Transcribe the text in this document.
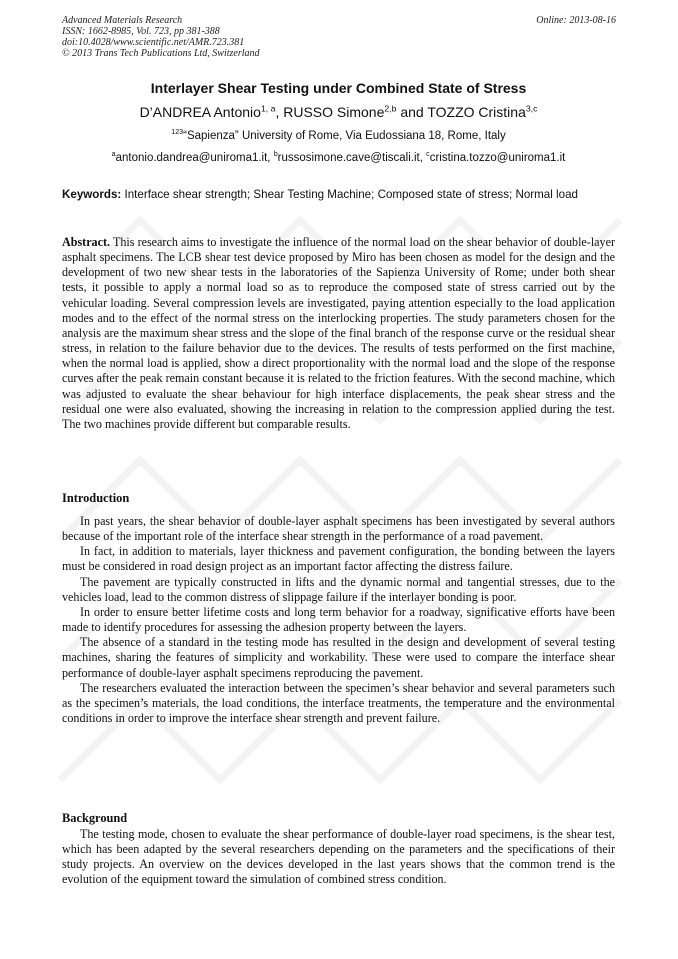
Advanced Materials Research
ISSN: 1662-8985, Vol. 723, pp 381-388
doi:10.4028/www.scientific.net/AMR.723.381
© 2013 Trans Tech Publications Ltd, Switzerland
Online: 2013-08-16
Interlayer Shear Testing under Combined State of Stress
D’ANDREA Antonio$^{1, a}$, RUSSO Simone$^{2,b}$ and TOZZO Cristina$^{3,c}$
$^{123}$“Sapienza” University of Rome, Via Eudossiana 18, Rome, Italy
$^a$antonio.dandrea@uniroma1.it, $^b$russosimone.cave@tiscali.it, $^c$cristina.tozzo@uniroma1.it
Keywords: Interface shear strength; Shear Testing Machine; Composed state of stress; Normal load
Abstract. This research aims to investigate the influence of the normal load on the shear behavior of double-layer asphalt specimens. The LCB shear test device proposed by Miro has been chosen as model for the design and the development of two new shear tests in the laboratories of the Sapienza University of Rome; under both shear tests, it possible to apply a normal load so as to reproduce the composed state of stress carried out by the vehicular loading. Several compression levels are investigated, paying attention especially to the load application modes and to the effect of the normal stress on the interlocking properties. The study parameters chosen for the analysis are the maximum shear stress and the slope of the final branch of the response curve or the residual shear stress, in relation to the failure behavior due to the devices. The results of tests performed on the first machine, when the normal load is applied, show a direct proportionality with the normal load and the slope of the response curves after the peak remain constant because it is related to the friction features. With the second machine, which was adjusted to evaluate the shear behaviour for high interface displacements, the peak shear stress and the residual one were also evaluated, showing the increasing in relation to the compression applied during the test. The two machines provide different but comparable results.
Introduction

In past years, the shear behavior of double-layer asphalt specimens has been investigated by several authors because of the important role of the interface shear strength in the performance of a road pavement.

In fact, in addition to materials, layer thickness and pavement configuration, the bonding between the layers must be considered in road design project as an important factor affecting the distress failure.

The pavement are typically constructed in lifts and the dynamic normal and tangential stresses, due to the vehicles load, lead to the common distress of slippage failure if the interlayer bonding is poor.

In order to ensure better lifetime costs and long term behavior for a roadway, significative efforts have been made to identify procedures for assessing the adhesion property between the layers.

The absence of a standard in the testing mode has resulted in the design and development of several testing machines, sharing the features of simplicity and workability. These were used to compare the interface shear performance of double-layer asphalt specimens reproducing the pavement.

The researchers evaluated the interaction between the specimen’s shear behavior and several parameters such as the specimen’s materials, the load conditions, the interface treatments, the temperature and the environmental conditions in order to improve the interface shear strength and prevent failure.

Background

The testing mode, chosen to evaluate the shear performance of double-layer road specimens, is the shear test, which has been adapted by the several researchers depending on the parameters and the specifications of their study projects. An overview on the devices developed in the last years shows that the common trend is the evolution of the equipment toward the simulation of combined stress condition.
